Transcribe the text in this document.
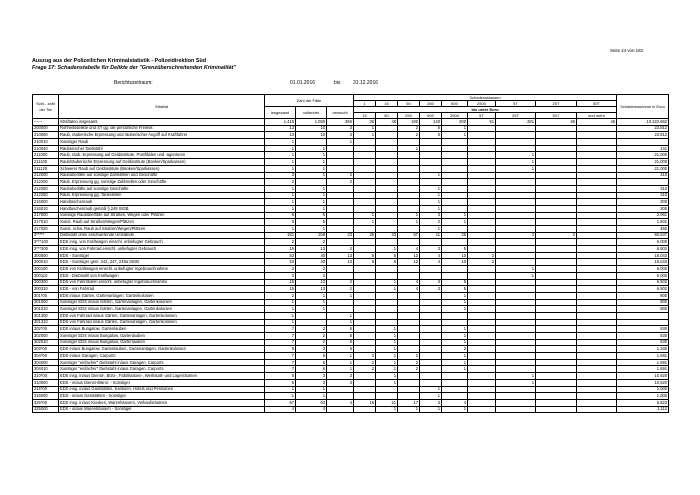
Seite 24 von 183
Auszug aus der Polizeilichen Kriminalstatistik - Polizeidirektion Süd
Frage 17: Schadenstabelle für Delikte der "Grenzüberschreitenden Kriminalität"
Berichtszeitraum:	01.01.2016	bis	31.12.2016
Schl.- zahl der Tat	Straftat	Zahl der Fälle			Schadensklassen									Schadenssumme in Euro
					1	15	50	250	500	2500	5T	25T	50T	
		insgesamt	vollendet	versucht	bis unter Euro									
					15	50	250	500	2500	5T	25T	50T	und mehr	
------	Straftaten insgesamt	1.415	1.050	365	36	48	180	140	200	51	281	66	46	10.222.662
200000	Rohheitsdelikte und ST gg. die persönliche Freiheit	13	10	3	1		2	5	1					23.812
210000	Raub, räuberische Erpressung und räuberischer Angriff auf Kraftfahrer	13	10	3	1		2	5	1					23.812
210010	Sonstiger Raub	1		1										
210040	Räuberischer Diebstahl	1	1				1							141
211000	Raub, räub. Erpressung auf Geldinstitute, Postfilialen und -agenturen	1	1								1			21.000
211100	Raub/räuberische Erpressung auf Geldinstitute (Banken/Sparkassen)	1	1								1			21.000
211120	Schwerer Raub auf Geldinstitute (Banken/Sparkassen)	1	1								1			21.000
212000	Raubüberfälle auf sonstige Zahlstellen und Geschäfte	3	1	2				1						310
212200	Räub. Erpressung gg. sonstige Zahlstellen oder Geschäfte	2		2										
212250	Raubüberfälle auf sonstige Geschäfte	1	1					1						310
212250	Räub. Erpressung gg. Tankstellen	1	1					1						310
216000	Handtaschenraub	1	1					1						300
216010	Handtaschenraub gemäß § 249 StGB	1	1					1						300
217000	Sonstige Raubüberfälle auf Straßen, Wegen oder Plätzen	6	6		1		1	3	1					2.061
217010	Sonst. Raub auf Straßen/Wegen/Plätzen	5	5		1		1	2	1					1.601
217020	Sonst. schw. Raub auf Straßen/Wegen/Plätzen	1	1					1						460
3*****	Diebstahl ohne erschwerende Umstände	181	158	23	26	33	57	11	25		4	2		60.637
3***100	EDS insg. von Kraftwagen einschl. unbefugter Gebrauch	2	2											6.000
3***300	EDS insg. von Fahrrad einschl. unbefugter Gebrauch	15	13	2		1	4	3	5					6.502
300000	EDS - Sonstiger	53	40	13	6	6	12	4	10	2				18.043
300010	EDS - Sonstiger gem. 242, 247, 248a StGB	53	40	13	6	6	12	4	10	2				18.043
300100	EDS von Kraftwagen einschl. unbefugter Ingebrauchnahme	2	2								1			6.000
300110	EDS - Diebstahl von Kraftwagen	2	2								1			6.000
300300	EDS von Fahrrädern einschl. unbefugter Ingebrauchnahme	15	13	2		1	4	3	5					6.502
300310	EDS - von Fahrrad	15	13	2		1	4	3	5					6.502
301*00	EDS in/aus Gärten, Gartenanlagen, Gartenkolonien	2	1	1					1					800
301000	Sonstiger EDS in/aus Gärten, Gartenanlagen, Gartenkolonien	1	1						1					800
301010	Sonstiger EDS in/aus Gärten, Gartenanlagen, Gartenkolonien	1	1						1					800
301300	EDS von Fahrrad in/aus Gärten, Gartenanlagen, Gartenkolonien	1		1										
301310	EDS von Fahrrad in/aus Gärten, Gartenanlagen, Gartenkolonien	1		1										
302*00	EDS in/aus Bungalow, Gartenlauben	7	2	5		1			1					530
302000	Sonstiger EDS in/aus Bungalow, Gartenlauben	7	2	5		1			1					530
302010	Sonstiger EDS in/aus Bungalow, Gartenlauben	7	2	5		1			1					530
303*00	EDS in/aus Bungalow, Gartenlauben, Gartenanlagen, Gartenkolonien	9	3	6		1			2					1.330
304*00	EDS in/aus Garagen, Carports	7	6	1	2	1	2		1					1.691
304000	Sonstiger "einfacher" Diebstahl in/aus Garagen, Carports	7	6	1	2	1	2		1					1.691
304010	Sonstiger "einfacher" Diebstahl in/aus Garagen, Carports	7	6	1	2	1	2		1					1.691
310*00	EDS insg. in/aus Dienst-, Büro-, Fabrikations-, Werkstatt- und Lagerräumen	6	3	3		1					1			10.620
310000	EDS - in/aus Dienst-/Büror. - Sonstiger	6	3	3		1					1			10.620
315*00	EDS insg. in/aus Gaststätten, Kantinen, Hotels und Pensionen	1	1					1						1.000
315000	EDS - in/aus Gaststätten - Sonstiger	1	1					1						1.000
325*00	EDS insg. in/aus Kiosken, Warenhäusern, Verkaufsräumen	67	63	4	18	21	17	3	4					6.823
325000	EDS - in/aus Warenhäusern - Sonstiger	4	4			1	1	1	1					1.112
